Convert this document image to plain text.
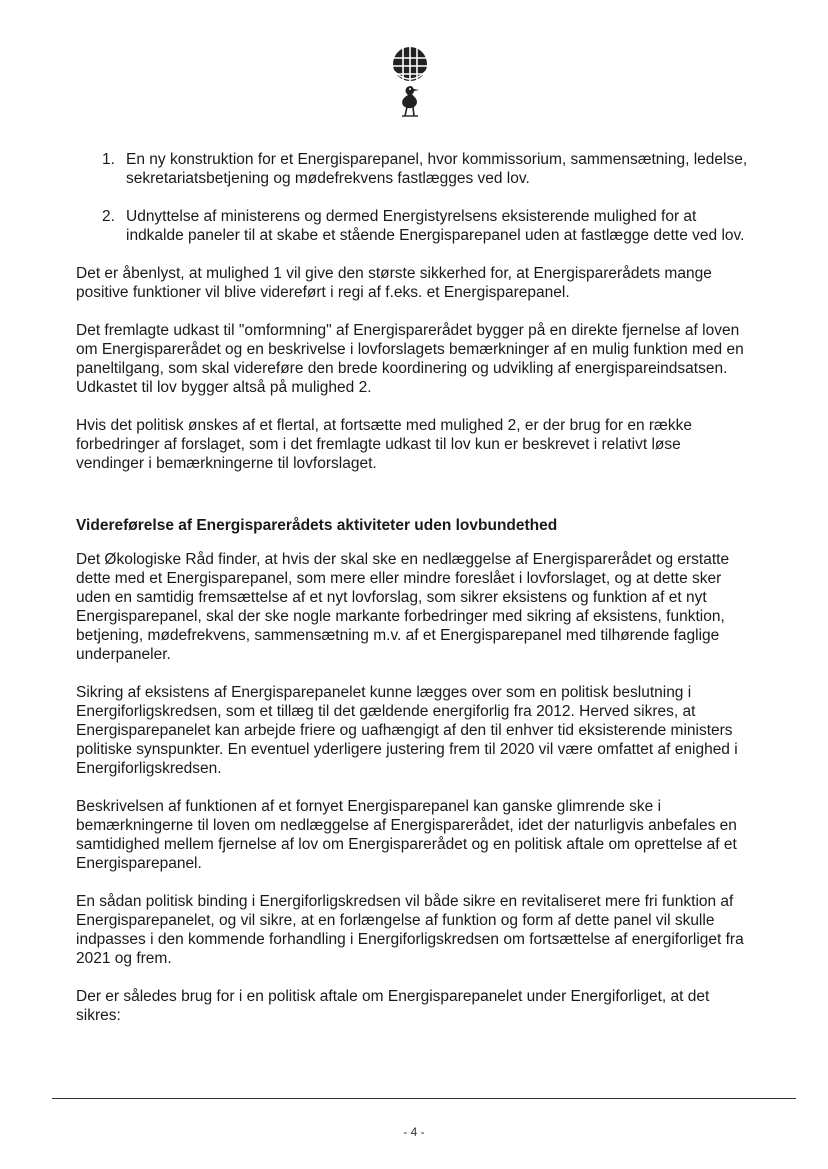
1. En ny konstruktion for et Energisparepanel, hvor kommissorium, sammensætning, ledelse, sekretariatsbetjening og mødefrekvens fastlægges ved lov.
2. Udnyttelse af ministerens og dermed Energistyrelsens eksisterende mulighed for at indkalde paneler til at skabe et stående Energisparepanel uden at fastlægge dette ved lov.

Det er åbenlyst, at mulighed 1 vil give den største sikkerhed for, at Energisparerådets mange positive funktioner vil blive videreført i regi af f.eks. et Energisparepanel.

Det fremlagte udkast til "omformning" af Energisparerådet bygger på en direkte fjernelse af loven om Energisparerådet og en beskrivelse i lovforslagets bemærkninger af en mulig funktion med en paneltilgang, som skal videreføre den brede koordinering og udvikling af energispareindsatsen. Udkastet til lov bygger altså på mulighed 2.

Hvis det politisk ønskes af et flertal, at fortsætte med mulighed 2, er der brug for en række forbedringer af forslaget, som i det fremlagte udkast til lov kun er beskrevet i relativt løse vendinger i bemærkningerne til lovforslaget.

Videreførelse af Energisparerådets aktiviteter uden lovbundethed

Det Økologiske Råd finder, at hvis der skal ske en nedlæggelse af Energisparerådet og erstatte dette med et Energisparepanel, som mere eller mindre foreslået i lovforslaget, og at dette sker uden en samtidig fremsættelse af et nyt lovforslag, som sikrer eksistens og funktion af et nyt Energisparepanel, skal der ske nogle markante forbedringer med sikring af eksistens, funktion, betjening, mødefrekvens, sammensætning m.v. af et Energisparepanel med tilhørende faglige underpaneler.

Sikring af eksistens af Energisparepanelet kunne lægges over som en politisk beslutning i Energiforligskredsen, som et tillæg til det gældende energiforlig fra 2012. Herved sikres, at Energisparepanelet kan arbejde friere og uafhængigt af den til enhver tid eksisterende ministers politiske synspunkter. En eventuel yderligere justering frem til 2020 vil være omfattet af enighed i Energiforligskredsen.

Beskrivelsen af funktionen af et fornyet Energisparepanel kan ganske glimrende ske i bemærkningerne til loven om nedlæggelse af Energisparerådet, idet der naturligvis anbefales en samtidighed mellem fjernelse af lov om Energisparerådet og en politisk aftale om oprettelse af et Energisparepanel.

En sådan politisk binding i Energiforligskredsen vil både sikre en revitaliseret mere fri funktion af Energisparepanelet, og vil sikre, at en forlængelse af funktion og form af dette panel vil skulle indpasses i den kommende forhandling i Energiforligskredsen om fortsættelse af energiforliget fra 2021 og frem.

Der er således brug for i en politisk aftale om Energisparepanelet under Energiforliget, at det sikres:

- 4 -
